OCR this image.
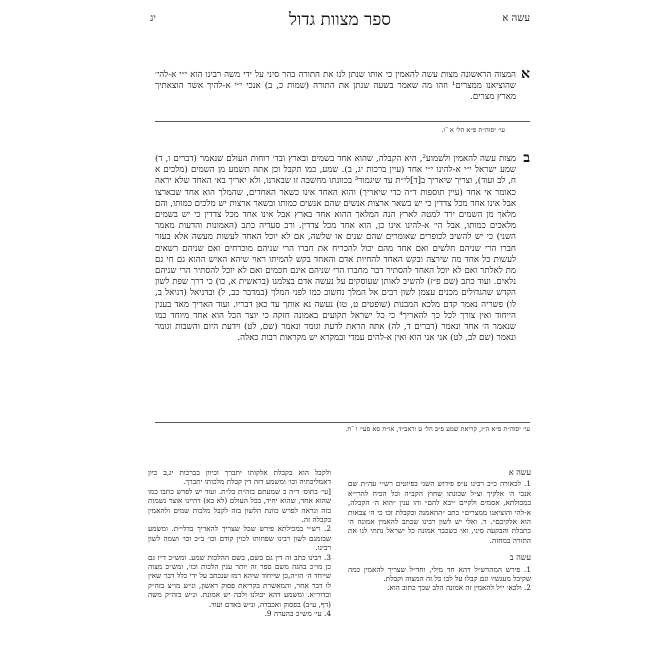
יג	ספר מצוות גדול	עשה א

א
המצוה הראשונה מצות עשה להאמין כי אותו שנתן לנו את התורה בהר סיני על ידי משה רבינו הוא י״י א-להי׳ שהוציאנו ממצרים¹ וזהו מה שאמר בשעה שנתן את התורה (שמות כ, ב) אנכי י״י א-להיך אשר הוצאתיך מארץ מצרים.

ב
מצות עשה להאמין ולשמוע², היא הקבלה, שהוא אחד בשמים ובארץ ובד׳ רוחות העולם שנאמר (דברים ו, ד) שמע ישראל י״י א-להינו י״י אחד (עיין ברכות יג, ב). שמע, כמו תקבל וכן אתה תשמע מן השמים (מלכים א ח, לב ועוד), וצריך שיאריך ב[ד]לי״ת עד שיגמור³ בכוונתו מחשבה זו שבארנו, ולא יאריך בא׳ האחד שלא יראה כאומר אי אחד (עיין תוספות ד״ה כדי שיאריך) והוא האחד אינו כשאר האחדים, שהמלך הוא אחד שבארצו אבל אינו אחד מכל צדדין כי יש בשאר ארצות אנשים שהם אנשים כמותו ובשאר ארצות יש מלכים כמותו, והם מלאך מן השמים ירד למטה לארץ הנה המלאך ההוא אחד בארץ אבל אינו אחד מכל צדדין כי יש בשמים מלאכים כמותו, אבל הי׳ א-להינו אינו כן, הוא אחד מכל צדדין. ורב סעדיה כתב (האמונות והדעות מאמר השני) כי יש להשיב לכופרים שאומרים שהם שנים או שלשה, אם לא יוכל האחד לעשות מעשה אלא בעזר חברו הרי שניהם חלשים ואם אחד מהם יכול להכריח את חברו הרי שניהם מוכרחים ואם שניהם רשאים לעשות כל אחד מה שירצה ובקש האחד להחיות אדם והאחד בקש להמיתו ראוי שיהא האיש ההוא גם חי גם מת לאלתר ואם לא יוכל האחד להסתיר דבר מחברו הרי שניהם אינם חכמים ואם לא יוכל להסתיר הרי שניהם נלאים. ועוד כתב (שם פ״ז) להשיב לאותן שעוסקים על נעשה אדם בצלמנו (בראשית א, כו) כי דרך שפת לשון הקדש שהגדולים מכנים עצמן לשון רבים אל המלך נחשוב כמו לפני המלך (במדבר כב, ל) ובדניאל (דניאל ב, לו) פשריה נאמר קדם מלכא המבנות (שופטים ט, טו) נעשה נא אותך עד כאן דבריו. ועוד האריך מאד בענין הייחוד ואין צורך לכל כך להאריך⁴ כי כל ישראל תקועים באמונה חזקה כי יוצר הכל הוא אחד מיוחד כמו שנאמר ה׳ אחד ונאמר (דברים ד, לה) אתה הראת לדעת וגומר ונאמר (שם, לט) וידעת היום והשבות וגומר ונאמר (שם לב, לט) אני אני הוא ואין א-להים עמדי ובמקרא יש מקראות רבות כאלה.

עי׳ יסוה״ת פ״א הל׳ א ־ו.
עי׳ יסוה״ת פ״א ה״ז, קריאת שמע פ״ב הל׳ ט וראב״ד, או״ח סא סעי׳ ו ־ח.
עשה א

1. לכאורה כ״כ רבינו ע״פ פירוש השני בפיוטים רש״י עה״ת שם אנכי ה׳ אלקיך וצ״ל שכונתו שחוץ הקב״ה וכל הכיח להרי״א במכולתא, אסמים ולקיים ״יבא להם״ והו ענין ״הוא ה׳ הקבלה, א-להי והוציאנו ממצרים״ כתב ״ההאמנה ובקבלת זכו כי ה׳ צבאות הוא אלקיכם״. ד. ואלי יש לשון רבינו שכתב להאמין אמונה ה׳ כתבלת והבקעה סיני, ואי כשכבר אמונה כל ישראל נתתי לנו את התורה במחזה.

עשה ב

1. פירש המהרש״ל דהא חד מילי, וחד״ל שצריך להאמין כמה שקיבל מעגשיו וגם קבלו על לבו כל זה המצוה וקבלת.

2. ולכא׳ י״ל להאמין זה אמונה הלב שכך כתוב הוא.

ולקבל הוא בקבלת אלקותו יתברך וכיוון בברכות יג,ב כיון דאמליכתיה וכו׳ ומשמע דזה דין קבלת מלכותו יתברך.

[עי׳ בתוס׳ ד״ה ב שמעתם בזה״ת בל״ת. ועוד יש לפרש כתבו כמו שהוא אחד, שהוא יחיד, בכל העולם (לא בא) דהיינו אוצר נשמות בזה ונראה לפרש כוונת הלשון בזה לקבל מלכות שמים ולהאמין בקבלה זה.

2. רש״י במכילתא פירש שכל שצריך להאריך בדלי״ת. ומשמע שבזמנם לשון רבינו שפחותו לכוין קודם וכו׳ ב״כ וכו׳ ושמה לשון רבינו.

3. רבינו כתב זה דין גם בשם, בשם ההלכות שמע. ומש״כ ד״ז גם כן מו״כ בהגה משם ספר זה יותר ענין הלכות וכו׳, ומש״כ מצוה שייחד ה׳ הו״ה,כן שייחוד שיהא רמז שנכתב על ידי כלל דבר שאין לו דבר אחר, והמאשרת בקריאת פסוק ראשון, ונ״ש מו״צ בזה״ק ובדור״א. ומשמע דהא יכולנו ולבה יש אמונת. ונ״ש בזה״ק משה (דף, ע״ב) בפסוק ואכבדה, ונ״ש באדם ועוד.

4. עי׳ מש״כ בהערה 9.
